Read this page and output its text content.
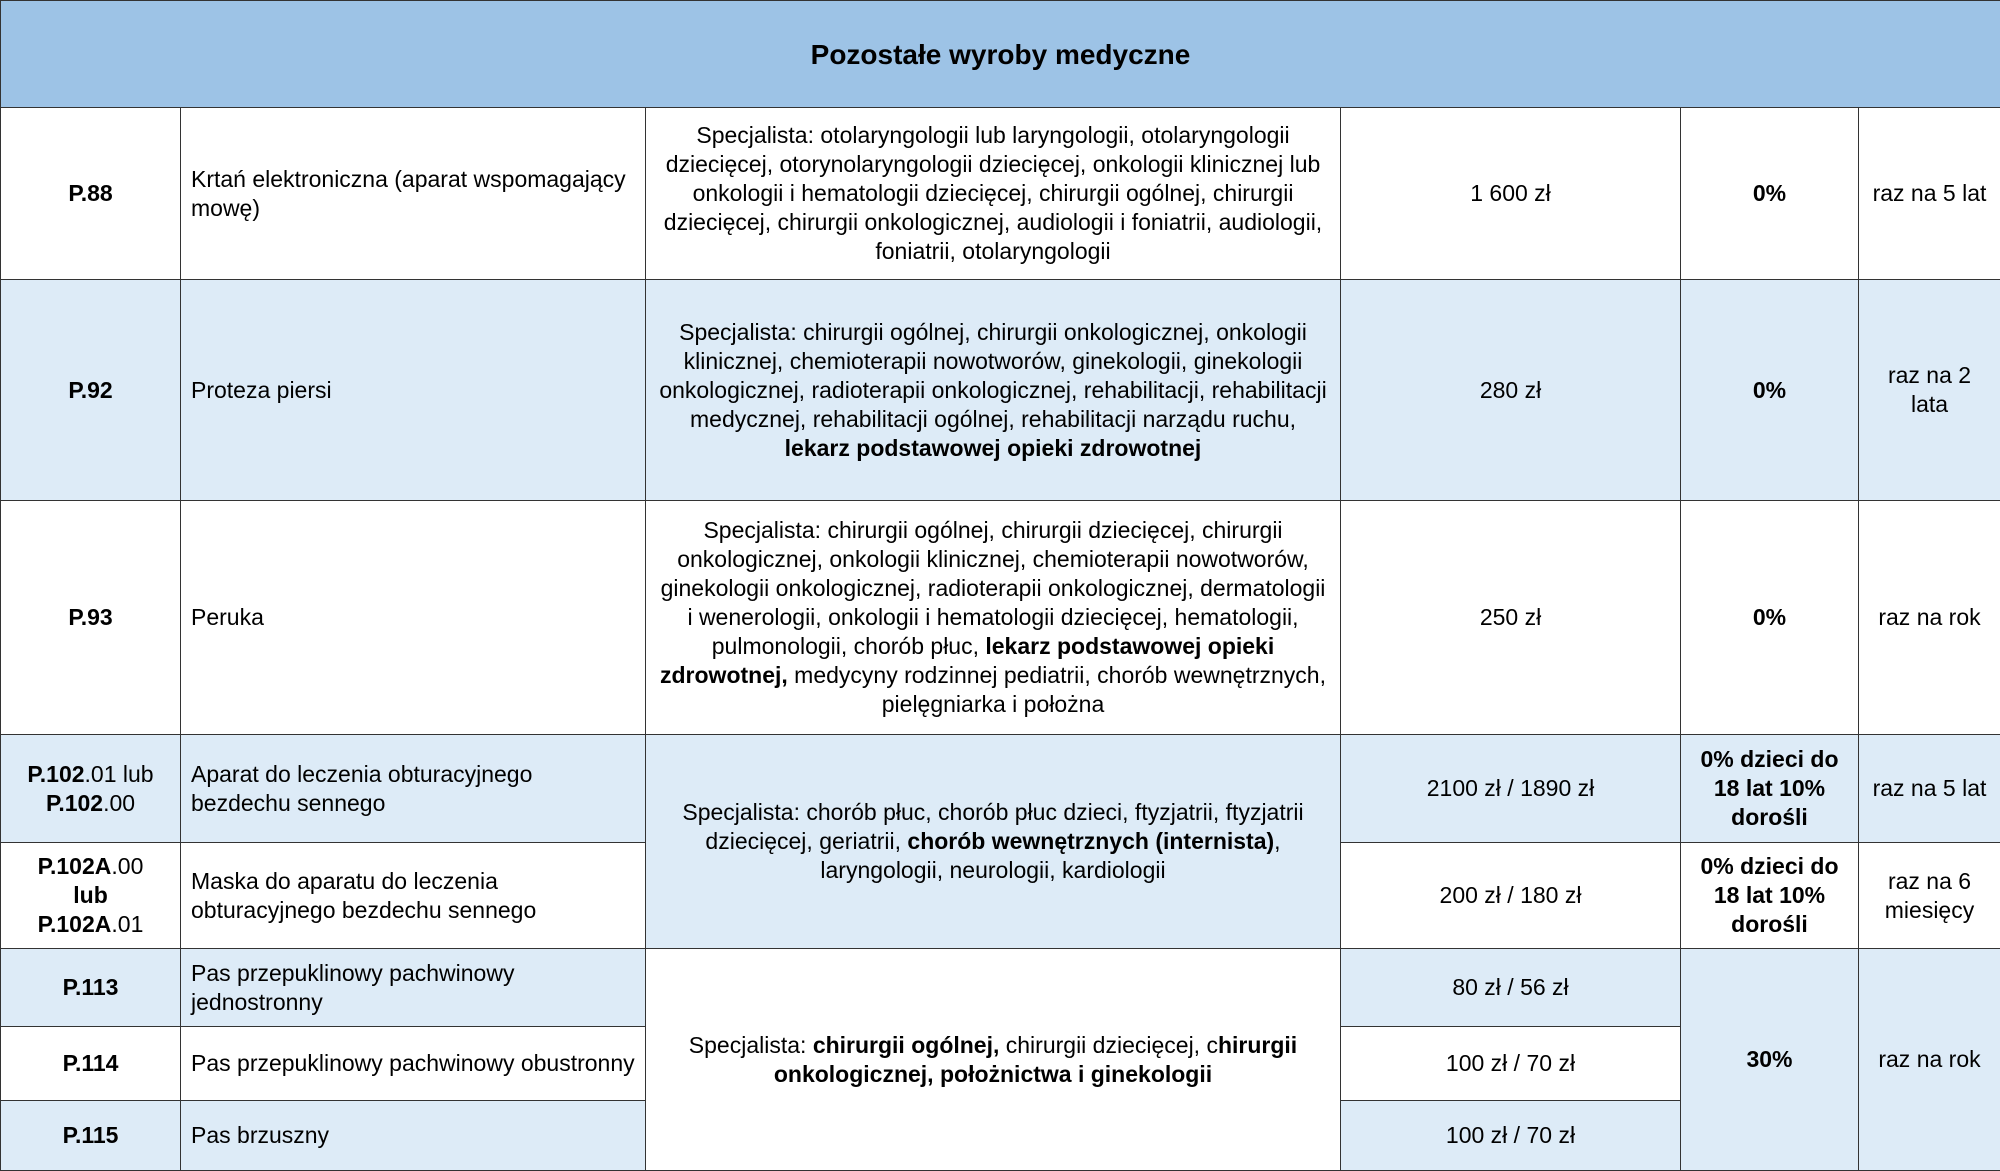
Pozostałe wyroby medyczne					
P.88	Krtań elektroniczna (aparat wspomagający mowę)	Specjalista: otolaryngologii lub laryngologii, otolaryngologii dziecięcej, otorynolaryngologii dziecięcej, onkologii klinicznej lub onkologii i hematologii dziecięcej, chirurgii ogólnej, chirurgii dziecięcej, chirurgii onkologicznej, audiologii i foniatrii, audiologii, foniatrii, otolaryngologii	1 600 zł	0%	raz na 5 lat
P.92	Proteza piersi	Specjalista: chirurgii ogólnej, chirurgii onkologicznej, onkologii klinicznej, chemioterapii nowotworów, ginekologii, ginekologii onkologicznej, radioterapii onkologicznej, rehabilitacji, rehabilitacji medycznej, rehabilitacji ogólnej, rehabilitacji narządu ruchu, lekarz podstawowej opieki zdrowotnej	280 zł	0%	raz na 2 lata
P.93	Peruka	Specjalista: chirurgii ogólnej, chirurgii dziecięcej, chirurgii onkologicznej, onkologii klinicznej, chemioterapii nowotworów, ginekologii onkologicznej, radioterapii onkologicznej, dermatologii i wenerologii, onkologii i hematologii dziecięcej, hematologii, pulmonologii, chorób płuc, lekarz podstawowej opieki zdrowotnej, medycyny rodzinnej pediatrii, chorób wewnętrznych, pielęgniarka i położna	250 zł	0%	raz na rok
P.102.01 lub
P.102.00	Aparat do leczenia obturacyjnego bezdechu sennego	Specjalista: chorób płuc, chorób płuc dzieci, ftyzjatrii, ftyzjatrii dziecięcej, geriatrii, chorób wewnętrznych (internista), laryngologii, neurologii, kardiologii	2100 zł / 1890 zł	0% dzieci do 18 lat 10% dorośli	raz na 5 lat
P.102A.00
lub
P.102A.01	Maska do aparatu do leczenia obturacyjnego bezdechu sennego		200 zł / 180 zł	0% dzieci do 18 lat 10% dorośli	raz na 6 miesięcy
P.113	Pas przepuklinowy pachwinowy jednostronny	Specjalista: chirurgii ogólnej, chirurgii dziecięcej, chirurgii onkologicznej, położnictwa i ginekologii	80 zł / 56 zł	30%	raz na rok
P.114	Pas przepuklinowy pachwinowy obustronny		100 zł / 70 zł		
P.115	Pas brzuszny		100 zł / 70 zł		
